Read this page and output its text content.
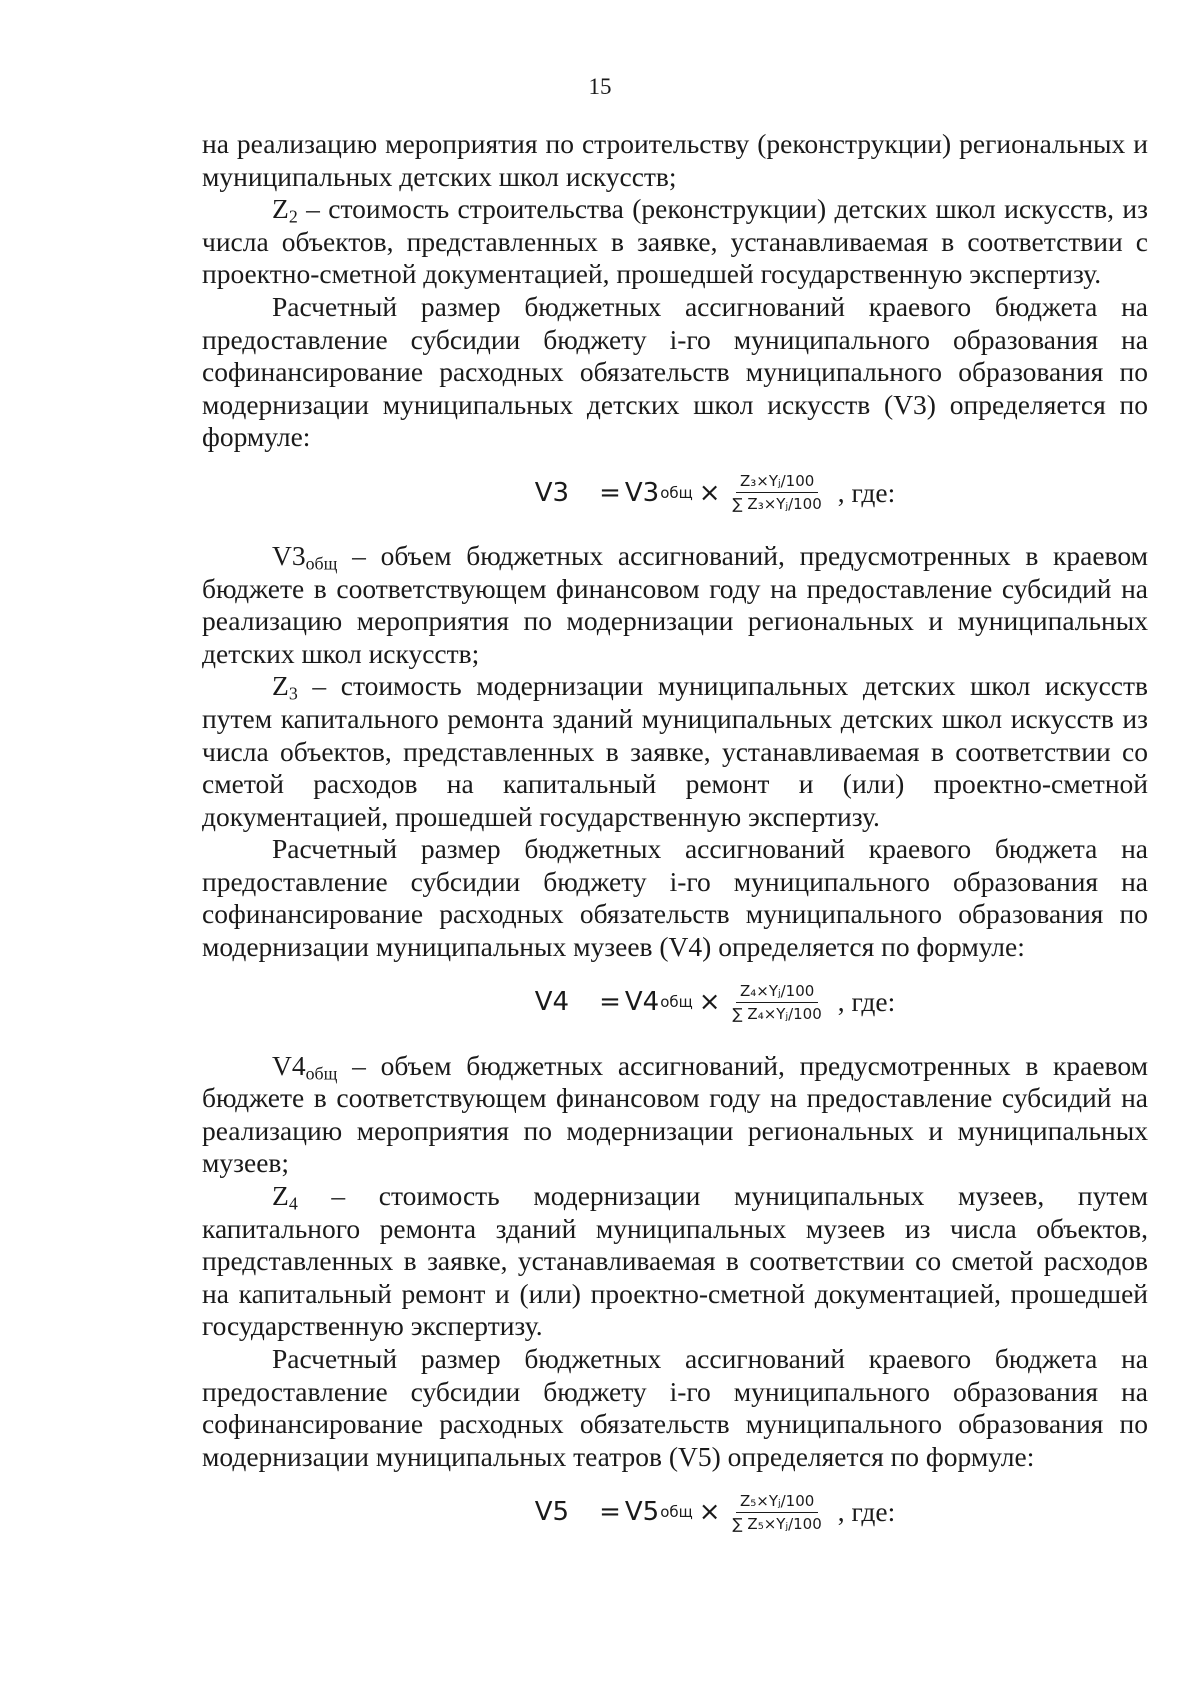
15

на реализацию мероприятия по строительству (реконструкции) региональных и муниципальных детских школ искусств;

$Z_2$ – стоимость строительства (реконструкции) детских школ искусств, из числа объектов, представленных в заявке, устанавливаемая в соответствии с проектно-сметной документацией, прошедшей государственную экспертизу.

Расчетный размер бюджетных ассигнований краевого бюджета на предоставление субсидии бюджету i-го муниципального образования на софинансирование расходных обязательств муниципального образования по модернизации муниципальных детских школ искусств (V3) определяется по формуле:

V3 = V3 общ × $\frac{\text{Z₃×Yⱼ/100}}{\text{∑ Z₃×Yⱼ/100}}$ , где:

$V3_{общ}$ – объем бюджетных ассигнований, предусмотренных в краевом бюджете в соответствующем финансовом году на предоставление субсидий на реализацию мероприятия по модернизации региональных и муниципальных детских школ искусств;

$Z_3$ – стоимость модернизации муниципальных детских школ искусств путем капитального ремонта зданий муниципальных детских школ искусств из числа объектов, представленных в заявке, устанавливаемая в соответствии со сметой расходов на капитальный ремонт и (или) проектно-сметной документацией, прошедшей государственную экспертизу.

Расчетный размер бюджетных ассигнований краевого бюджета на предоставление субсидии бюджету i-го муниципального образования на софинансирование расходных обязательств муниципального образования по модернизации муниципальных музеев (V4) определяется по формуле:

V4 = V4 общ × $\frac{\text{Z₄×Yⱼ/100}}{\text{∑ Z₄×Yⱼ/100}}$ , где:

$V4_{общ}$ – объем бюджетных ассигнований, предусмотренных в краевом бюджете в соответствующем финансовом году на предоставление субсидий на реализацию мероприятия по модернизации региональных и муниципальных музеев;

$Z_4$ – стоимость модернизации муниципальных музеев, путем капитального ремонта зданий муниципальных музеев из числа объектов, представленных в заявке, устанавливаемая в соответствии со сметой расходов на капитальный ремонт и (или) проектно-сметной документацией, прошедшей государственную экспертизу.

Расчетный размер бюджетных ассигнований краевого бюджета на предоставление субсидии бюджету i-го муниципального образования на софинансирование расходных обязательств муниципального образования по модернизации муниципальных театров (V5) определяется по формуле:

V5 = V5 общ × $\frac{\text{Z₅×Yⱼ/100}}{\text{∑ Z₅×Yⱼ/100}}$ , где:
